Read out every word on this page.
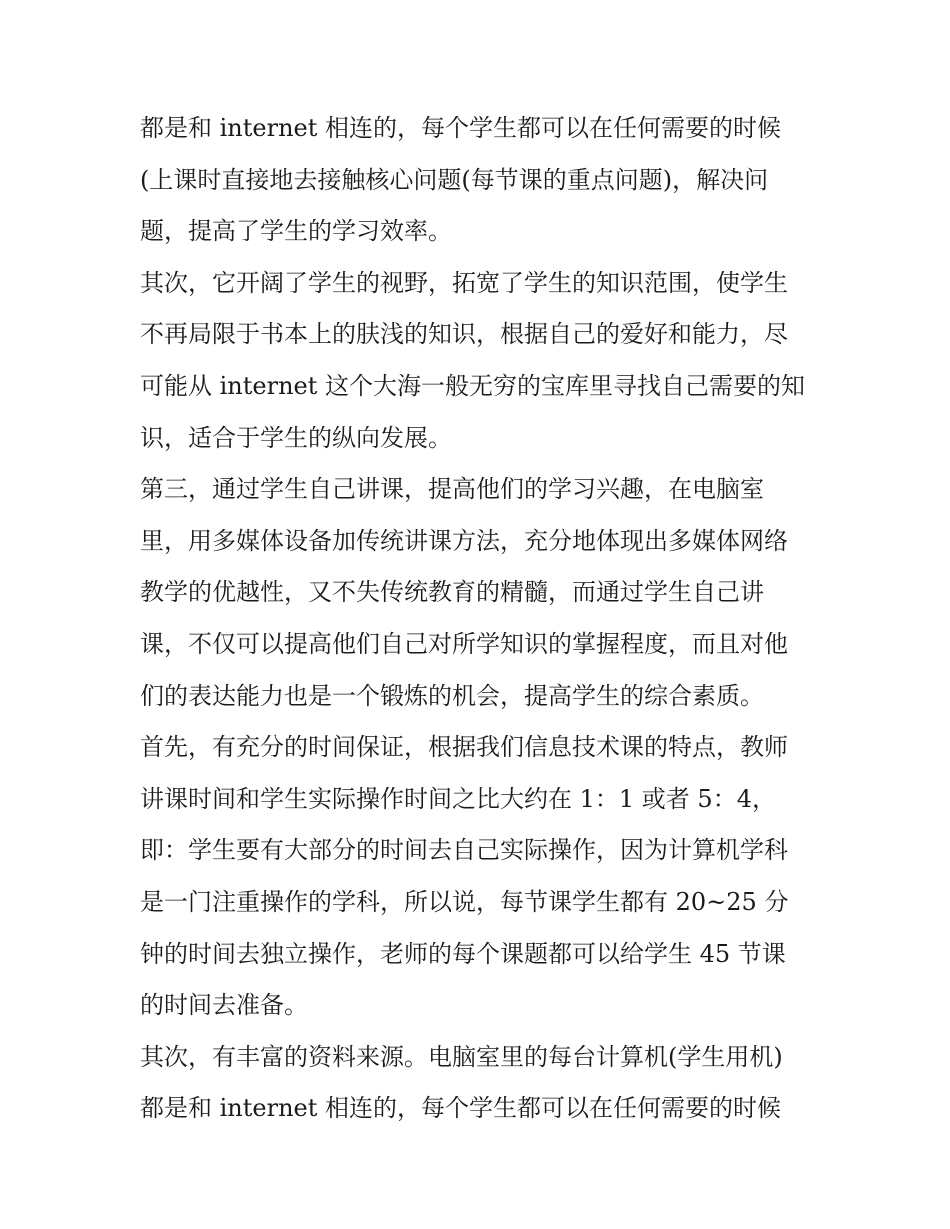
都是和 internet 相连的，每个学生都可以在任何需要的时候
(上课时直接地去接触核心问题(每节课的重点问题)，解决问
题，提高了学生的学习效率。
其次，它开阔了学生的视野，拓宽了学生的知识范围，使学生
不再局限于书本上的肤浅的知识，根据自己的爱好和能力，尽
可能从 internet 这个大海一般无穷的宝库里寻找自己需要的知
识，适合于学生的纵向发展。
第三，通过学生自己讲课，提高他们的学习兴趣，在电脑室
里，用多媒体设备加传统讲课方法，充分地体现出多媒体网络
教学的优越性，又不失传统教育的精髓，而通过学生自己讲
课，不仅可以提高他们自己对所学知识的掌握程度，而且对他
们的表达能力也是一个锻炼的机会，提高学生的综合素质。
首先，有充分的时间保证，根据我们信息技术课的特点，教师
讲课时间和学生实际操作时间之比大约在 1：1 或者 5：4，
即：学生要有大部分的时间去自己实际操作，因为计算机学科
是一门注重操作的学科，所以说，每节课学生都有 20~25 分
钟的时间去独立操作，老师的每个课题都可以给学生 45 节课
的时间去准备。
其次，有丰富的资料来源。电脑室里的每台计算机(学生用机)
都是和 internet 相连的，每个学生都可以在任何需要的时候
